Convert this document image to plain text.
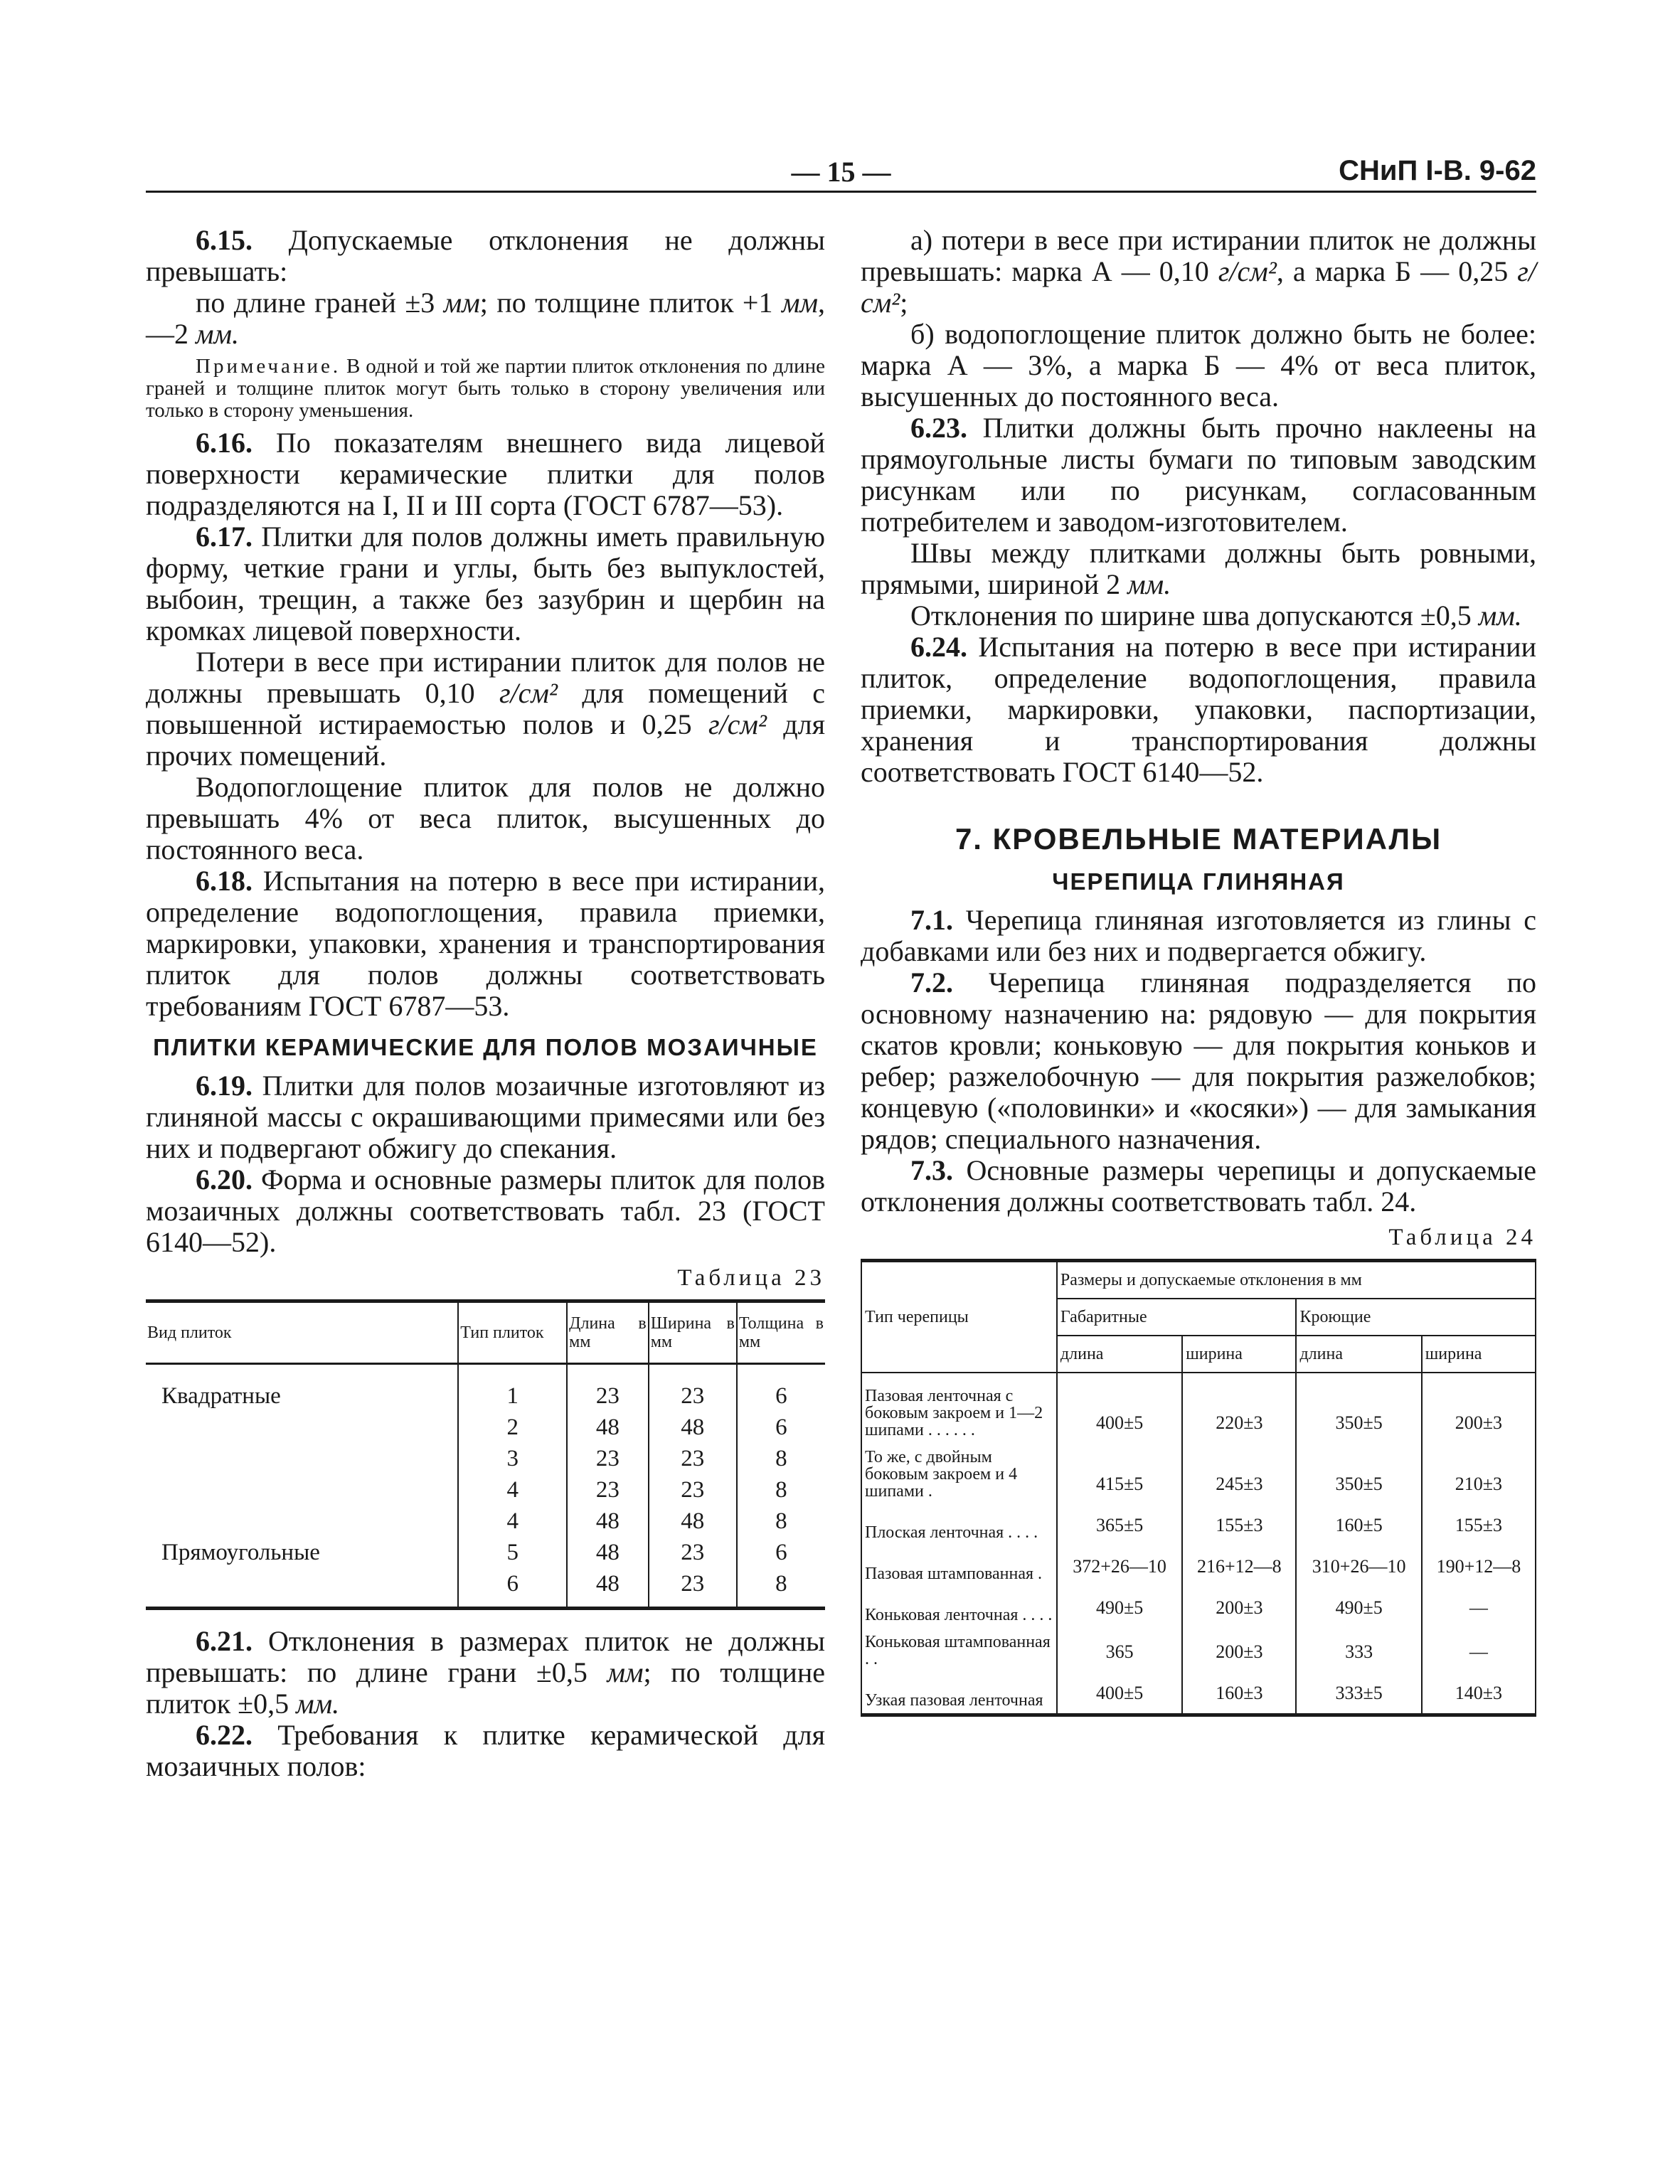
— 15 —	СНиП I-В. 9-62

6.15. Допускаемые отклонения не должны превышать:

по длине граней ±3 мм; по толщине плиток +1 мм, —2 мм.

Примечание. В одной и той же партии плиток отклонения по длине граней и толщине плиток могут быть только в сторону увеличения или только в сторону уменьшения.

6.16. По показателям внешнего вида лицевой поверхности керамические плитки для полов подразделяются на I, II и III сорта (ГОСТ 6787—53).

6.17. Плитки для полов должны иметь правильную форму, четкие грани и углы, быть без выпуклостей, выбоин, трещин, а также без зазубрин и щербин на кромках лицевой поверхности.

Потери в весе при истирании плиток для полов не должны превышать 0,10 г/см² для помещений с повышенной истираемостью полов и 0,25 г/см² для прочих помещений.

Водопоглощение плиток для полов не должно превышать 4% от веса плиток, высушенных до постоянного веса.

6.18. Испытания на потерю в весе при истирании, определение водопоглощения, правила приемки, маркировки, упаковки, хранения и транспортирования плиток для полов должны соответствовать требованиям ГОСТ 6787—53.

ПЛИТКИ КЕРАМИЧЕСКИЕ ДЛЯ ПОЛОВ МОЗАИЧНЫЕ

6.19. Плитки для полов мозаичные изготовляют из глиняной массы с окрашивающими примесями или без них и подвергают обжигу до спекания.

6.20. Форма и основные размеры плиток для полов мозаичных должны соответствовать табл. 23 (ГОСТ 6140—52).

Таблица 23
Вид плиток	Тип плиток	Длина в мм	Ширина в мм	Толщина в мм
Квадратные	1	23	23	6
	2	48	48	6
	3	23	23	8
	4	23	23	8
	4	48	48	8
Прямоугольные	5	48	23	6
	6	48	23	8

6.21. Отклонения в размерах плиток не должны превышать: по длине грани ±0,5 мм; по толщине плиток ±0,5 мм.

6.22. Требования к плитке керамической для мозаичных полов:

а) потери в весе при истирании плиток не должны превышать: марка А — 0,10 г/см², а марка Б — 0,25 г/см²;

б) водопоглощение плиток должно быть не более: марка А — 3%, а марка Б — 4% от веса плиток, высушенных до постоянного веса.

6.23. Плитки должны быть прочно наклеены на прямоугольные листы бумаги по типовым заводским рисункам или по рисункам, согласованным потребителем и заводом-изготовителем.

Швы между плитками должны быть ровными, прямыми, шириной 2 мм.

Отклонения по ширине шва допускаются ±0,5 мм.

6.24. Испытания на потерю в весе при истирании плиток, определение водопоглощения, правила приемки, маркировки, упаковки, паспортизации, хранения и транспортирования должны соответствовать ГОСТ 6140—52.

7. КРОВЕЛЬНЫЕ МАТЕРИАЛЫ
ЧЕРЕПИЦА ГЛИНЯНАЯ

7.1. Черепица глиняная изготовляется из глины с добавками или без них и подвергается обжигу.

7.2. Черепица глиняная подразделяется по основному назначению на: рядовую — для покрытия скатов кровли; коньковую — для покрытия коньков и ребер; разжелобочную — для покрытия разжелобков; концевую («половинки» и «косяки») — для замыкания рядов; специального назначения.

7.3. Основные размеры черепицы и допускаемые отклонения должны соответствовать табл. 24.

Таблица 24
Тип черепицы	Размеры и допускаемые отклонения в мм			
	Габаритные		Кроющие	
	длина	ширина	длина	ширина
Пазовая ленточная с боковым закроем и 1—2 шипами . . . . . .	400±5	220±3	350±5	200±3
То же, с двойным боковым закроем и 4 шипами .	415±5	245±3	350±5	210±3
Плоская ленточная . . . .	365±5	155±3	160±5	155±3
Пазовая штампованная .	372+26—10	216+12—8	310+26—10	190+12—8
Коньковая ленточная . . . .	490±5	200±3	490±5	—
Коньковая штампованная . .	365	200±3	333	—
Узкая пазовая ленточная	400±5	160±3	333±5	140±3
